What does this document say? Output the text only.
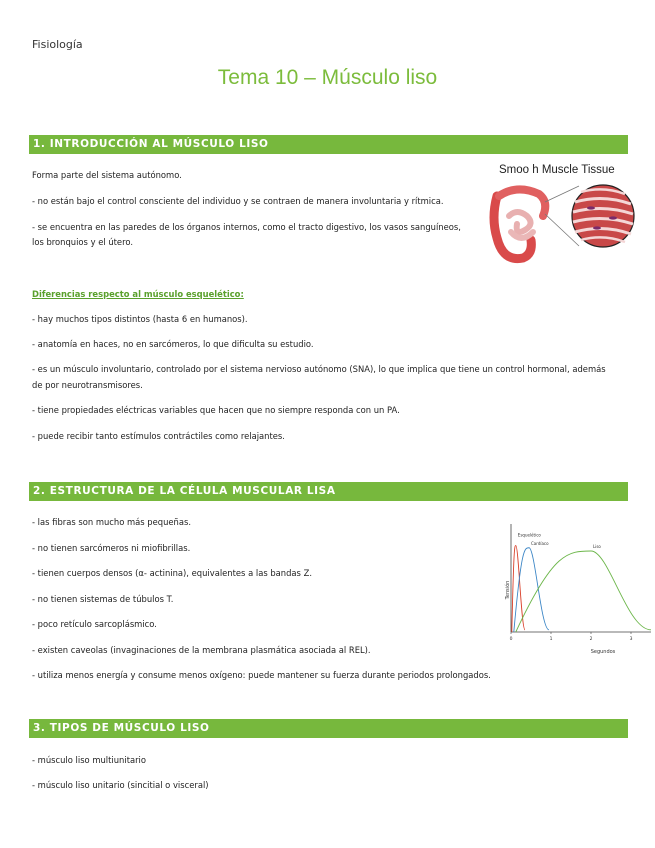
Fisiología
Tema 10 – Músculo liso
1. INTRODUCCIÓN AL MÚSCULO LISO
Forma parte del sistema autónomo.
- no están bajo el control consciente del individuo y se contraen de manera involuntaria y rítmica.
- se encuentra en las paredes de los órganos internos, como el tracto digestivo, los vasos sanguíneos,
los bronquios y el útero.
Diferencias respecto al músculo esquelético:
- hay muchos tipos distintos (hasta 6 en humanos).
- anatomía en haces, no en sarcómeros, lo que dificulta su estudio.
- es un músculo involuntario, controlado por el sistema nervioso autónomo (SNA), lo que implica que tiene un control hormonal, además
de por neurotransmisores.
- tiene propiedades eléctricas variables que hacen que no siempre responda con un PA.
- puede recibir tanto estímulos contráctiles como relajantes.
Smoo h Muscle Tissue
2. ESTRUCTURA DE LA CÉLULA MUSCULAR LISA
- las fibras son mucho más pequeñas.
- no tienen sarcómeros ni miofibrillas.
- tienen cuerpos densos (α- actinina), equivalentes a las bandas Z.
- no tienen sistemas de túbulos T.
- poco retículo sarcoplásmico.
- existen caveolas (invaginaciones de la membrana plasmática asociada al REL).
- utiliza menos energía y consume menos oxígeno: puede mantener su fuerza durante periodos prolongados.
Tensión
Segundos
0	1	2	3
Esquelético
Cardíaco
Liso
3. TIPOS DE MÚSCULO LISO
- músculo liso multiunitario
- músculo liso unitario (sincitial o visceral)
